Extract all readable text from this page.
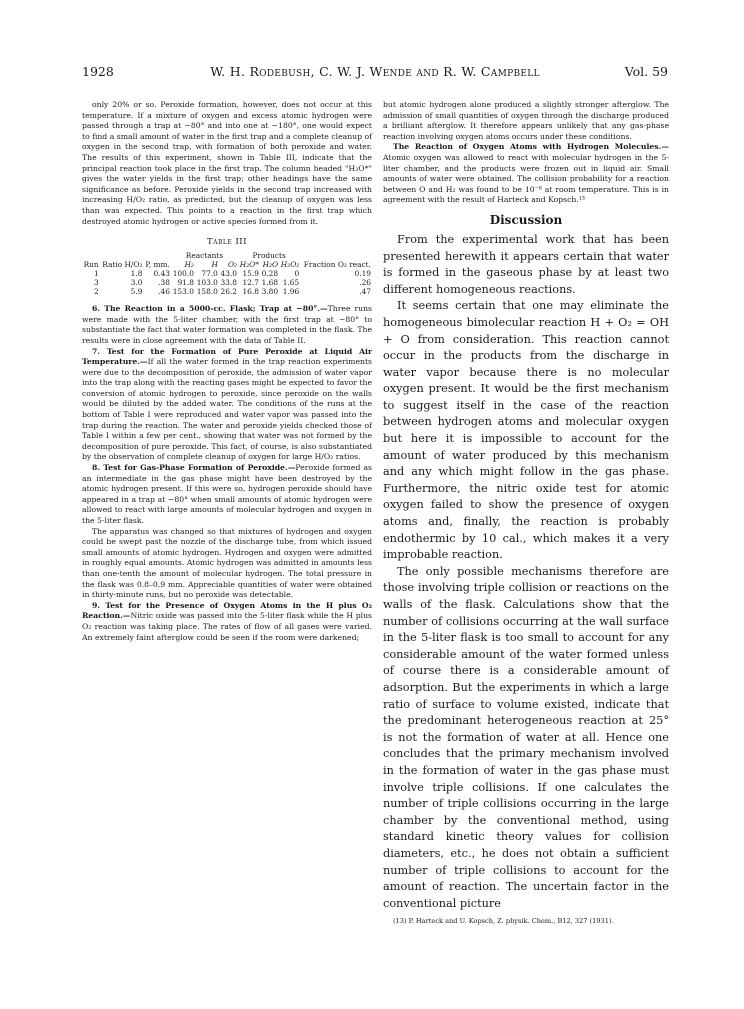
1928	W. H. Rodebush, C. W. J. Wende and R. W. Campbell	Vol. 59

only 20% or so. Peroxide formation, however, does not occur at this temperature. If a mixture of oxygen and excess atomic hydrogen were passed through a trap at −80° and into one at −180°, one would expect to find a small amount of water in the first trap and a complete cleanup of oxygen in the second trap, with formation of both peroxide and water. The results of this experiment, shown in Table III, indicate that the principal reaction took place in the first trap. The column headed "H₂O*" gives the water yields in the first trap; other headings have the same significance as before. Peroxide yields in the second trap increased with increasing H/O₂ ratio, as predicted, but the cleanup of oxygen was less than was expected. This points to a reaction in the first trap which destroyed atomic hydrogen or active species formed from it.

Table III
			Reactants			Products			
Run	Ratio H/O₂	P, mm.	H₂	H	O₂	H₂O*	H₂O	H₂O₂	Fraction O₂ react.
1	1.8	0.43	100.0	77.0	43.0	15.9	0.28	0	0.19
3	3.0	.38	91.8	103.0	33.8	12.7	1.68	1.65	.26
2	5.9	.46	153.0	158.0	26.2	16.8	3.80	1.96	.47

6. The Reaction in a 5000-cc. Flask; Trap at −80°.—Three runs were made with the 5-liter chamber, with the first trap at −80° to substantiate the fact that water formation was completed in the flask. The results were in close agreement with the data of Table II.

7. Test for the Formation of Pure Peroxide at Liquid Air Temperature.—If all the water formed in the trap reaction experiments were due to the decomposition of peroxide, the admission of water vapor into the trap along with the reacting gases might be expected to favor the conversion of atomic hydrogen to peroxide, since peroxide on the walls would be diluted by the added water. The conditions of the runs at the bottom of Table I were reproduced and water vapor was passed into the trap during the reaction. The water and peroxide yields checked those of Table I within a few per cent., showing that water was not formed by the decomposition of pure peroxide. This fact, of course, is also substantiated by the observation of complete cleanup of oxygen for large H/O₂ ratios.

8. Test for Gas-Phase Formation of Peroxide.—Peroxide formed as an intermediate in the gas phase might have been destroyed by the atomic hydrogen present. If this were so, hydrogen peroxide should have appeared in a trap at −80° when small amounts of atomic hydrogen were allowed to react with large amounts of molecular hydrogen and oxygen in the 5-liter flask.

The apparatus was changed so that mixtures of hydrogen and oxygen could be swept past the nozzle of the discharge tube, from which issued small amounts of atomic hydrogen. Hydrogen and oxygen were admitted in roughly equal amounts. Atomic hydrogen was admitted in amounts less than one-tenth the amount of molecular hydrogen. The total pressure in the flask was 0.8–0.9 mm. Appreciable quantities of water were obtained in thirty-minute runs, but no peroxide was detectable.

9. Test for the Presence of Oxygen Atoms in the H plus O₂ Reaction.—Nitric oxide was passed into the 5-liter flask while the H plus O₂ reaction was taking place. The rates of flow of all gases were varied. An extremely faint afterglow could be seen if the room were darkened;

but atomic hydrogen alone produced a slightly stronger afterglow. The admission of small quantities of oxygen through the discharge produced a brilliant afterglow. It therefore appears unlikely that any gas-phase reaction involving oxygen atoms occurs under these conditions.

The Reaction of Oxygen Atoms with Hydrogen Molecules.—Atomic oxygen was allowed to react with molecular hydrogen in the 5-liter chamber, and the products were frozen out in liquid air. Small amounts of water were obtained. The collision probability for a reaction between O and H₂ was found to be 10⁻⁸ at room temperature. This is in agreement with the result of Harteck and Kopsch.¹³

Discussion

From the experimental work that has been presented herewith it appears certain that water is formed in the gaseous phase by at least two different homogeneous reactions.

It seems certain that one may eliminate the homogeneous bimolecular reaction H + O₂ = OH + O from consideration. This reaction cannot occur in the products from the discharge in water vapor because there is no molecular oxygen present. It would be the first mechanism to suggest itself in the case of the reaction between hydrogen atoms and molecular oxygen but here it is impossible to account for the amount of water produced by this mechanism and any which might follow in the gas phase. Furthermore, the nitric oxide test for atomic oxygen failed to show the presence of oxygen atoms and, finally, the reaction is probably endothermic by 10 cal., which makes it a very improbable reaction.

The only possible mechanisms therefore are those involving triple collision or reactions on the walls of the flask. Calculations show that the number of collisions occurring at the wall surface in the 5-liter flask is too small to account for any considerable amount of the water formed unless of course there is a considerable amount of adsorption. But the experiments in which a large ratio of surface to volume existed, indicate that the predominant heterogeneous reaction at 25° is not the formation of water at all. Hence one concludes that the primary mechanism involved in the formation of water in the gas phase must involve triple collisions. If one calculates the number of triple collisions occurring in the large chamber by the conventional method, using standard kinetic theory values for collision diameters, etc., he does not obtain a sufficient number of triple collisions to account for the amount of reaction. The uncertain factor in the conventional picture

(13) P. Harteck and U. Kopsch, Z. physik. Chem., B12, 327 (1931).
